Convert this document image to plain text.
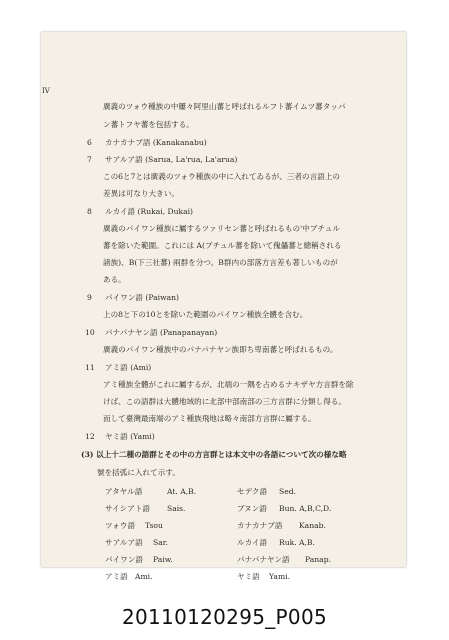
IV
廣義のツォウ種族の中屢々阿里山蕃と呼ばれるルフト蕃イムツ蕃タッパ
ン蕃トフヤ蕃を包括する。
6 カナカナブ語 (Kanakanabu)
7 サアルア語 (Sarua, La'rua, La'arua)
この6と7とは廣義のツォウ種族の中に入れてゐるが、三者の言語上の
差異は可なり大きい。
8 ルカイ語 (Rukai, Dukai)
廣義のパイワン種族に屬するツァリセン蕃と呼ばれるもの'中ブチュル
蕃を除いた範圍。これには A(ブチュル蕃を除いて傀儡蕃と總稱される
諸族)、B(下三社蕃) 兩群を分つ。B群内の部落方言差も著しいものが
ある。
9 パイワン語 (Paiwan)
上の8と下の10とを除いた範圍のパイワン種族全體を含む。
10 パナパナヤン語 (Panapanayan)
廣義のパイワン種族中のパナパナヤン族即ち卑南蕃と呼ばれるもの。
11 アミ語 (Ami)
アミ種族全體がこれに屬するが、北端の一隅を占めるナキザヤ方言群を除
けば、この語群は大體地域的に北部中部南部の三方言群に分類し得る。
而して臺灣最南端のアミ種族飛地は略々南部方言群に屬する。
12 ヤミ語 (Yami)
(3) 以上十二種の語群とその中の方言群とは本文中の各語について次の様な略
號を括弧に入れて示す。
アタヤル語	At. A,B.
サイシアト語 Sais.
ツォウ語 Tsou
サアルア語 Sar.
パイワン語 Paiw.
アミ語 Ami.
セデク語 Sed.
ブヌン語 Bun. A,B,C,D.
カナカナブ語 Kanab.
ルカイ語 Ruk. A,B.
パナパナヤン語 Panap.
ヤミ語 Yami.
20110120295_P005
